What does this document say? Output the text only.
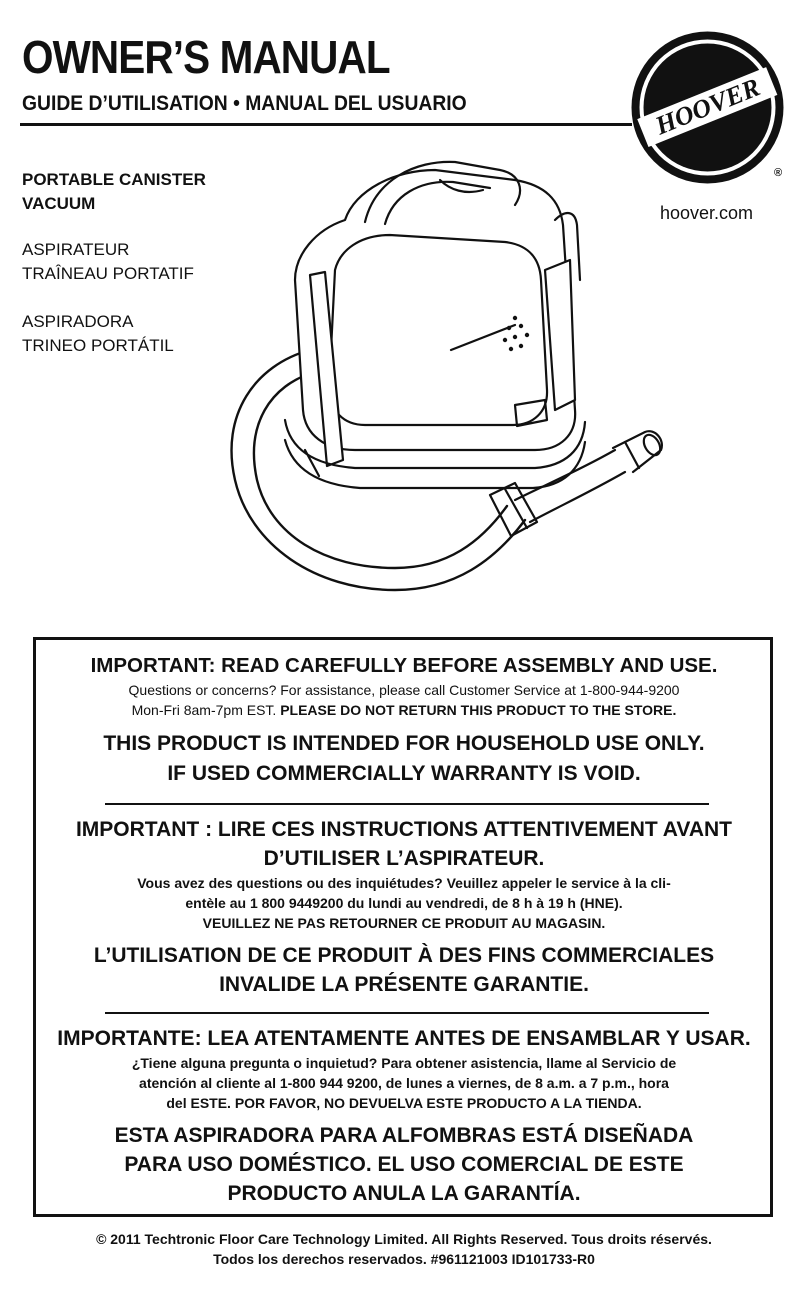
OWNER’S MANUAL
GUIDE D’UTILISATION • MANUAL DEL USUARIO	HOOVER
®
hoover.com
PORTABLE CANISTER
VACUUM
ASPIRATEUR
TRAÎNEAU PORTATIF
ASPIRADORA
TRINEO PORTÁTIL
IMPORTANT: READ CAREFULLY BEFORE ASSEMBLY AND USE.
Questions or concerns? For assistance, please call Customer Service at 1-800-944-9200
Mon-Fri 8am-7pm EST. PLEASE DO NOT RETURN THIS PRODUCT TO THE STORE.
THIS PRODUCT IS INTENDED FOR HOUSEHOLD USE ONLY.
IF USED COMMERCIALLY WARRANTY IS VOID.
IMPORTANT : LIRE CES INSTRUCTIONS ATTENTIVEMENT AVANT
D’UTILISER L’ASPIRATEUR.
Vous avez des questions ou des inquiétudes? Veuillez appeler le service à la cli-
entèle au 1 800 9449200 du lundi au vendredi, de 8 h à 19 h (HNE).
VEUILLEZ NE PAS RETOURNER CE PRODUIT AU MAGASIN.
L’UTILISATION DE CE PRODUIT À DES FINS COMMERCIALES
INVALIDE LA PRÉSENTE GARANTIE.
IMPORTANTE: LEA ATENTAMENTE ANTES DE ENSAMBLAR Y USAR.
¿Tiene alguna pregunta o inquietud? Para obtener asistencia, llame al Servicio de
atención al cliente al 1-800 944 9200, de lunes a viernes, de 8 a.m. a 7 p.m., hora
del ESTE. POR FAVOR, NO DEVUELVA ESTE PRODUCTO A LA TIENDA.
ESTA ASPIRADORA PARA ALFOMBRAS ESTÁ DISEÑADA
PARA USO DOMÉSTICO. EL USO COMERCIAL DE ESTE
PRODUCTO ANULA LA GARANTÍA.
© 2011 Techtronic Floor Care Technology Limited. All Rights Reserved. Tous droits réservés.
Todos los derechos reservados. #961121003 ID101733-R0
